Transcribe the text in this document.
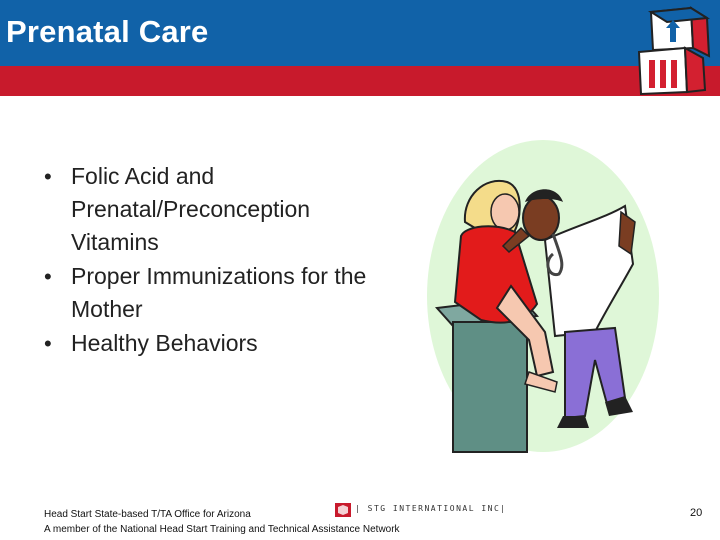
Prenatal Care
• Folic Acid and Prenatal/Preconception Vitamins
• Proper Immunizations for the Mother
• Healthy Behaviors
Head Start State-based T/TA Office for Arizona
A member of the National Head Start Training and Technical Assistance Network
| STG INTERNATIONAL INC|	20
